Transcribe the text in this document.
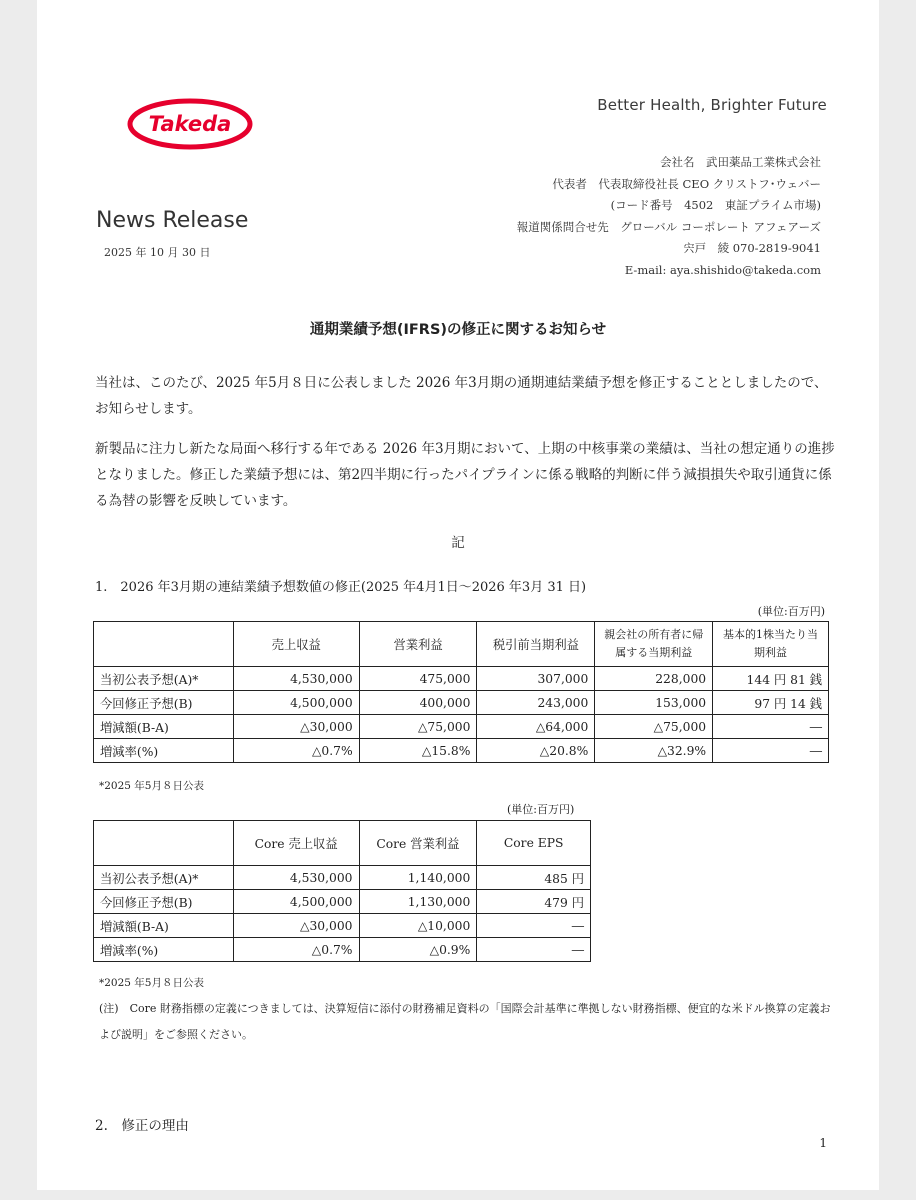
Takeda
Better Health, Brighter Future
会社名　武田薬品工業株式会社
代表者　代表取締役社長 CEO クリストフ･ウェバー
(コード番号　4502　東証プライム市場)
報道関係問合せ先　グローバル コーポレート アフェアーズ
宍戸　綾 070-2819-9041
E-mail: aya.shishido@takeda.com
News Release
2025 年 10 月 30 日
通期業績予想(IFRS)の修正に関するお知らせ
当社は、このたび、2025 年5月８日に公表しました 2026 年3月期の通期連結業績予想を修正することとしましたので、お知らせします。
新製品に注力し新たな局面へ移行する年である 2026 年3月期において、上期の中核事業の業績は、当社の想定通りの進捗となりました。修正した業績予想には、第2四半期に行ったパイプラインに係る戦略的判断に伴う減損損失や取引通貨に係る為替の影響を反映しています。
記
1.　2026 年3月期の連結業績予想数値の修正(2025 年4月1日～2026 年3月 31 日)
(単位:百万円)
	売上収益	営業利益	税引前当期利益	親会社の所有者に帰属する当期利益	基本的1株当たり当期利益
当初公表予想(A)*	4,530,000	475,000	307,000	228,000	144 円 81 銭
今回修正予想(B)	4,500,000	400,000	243,000	153,000	97 円 14 銭
増減額(B-A)	△30,000	△75,000	△64,000	△75,000	―
増減率(%)	△0.7%	△15.8%	△20.8%	△32.9%	―
*2025 年5月８日公表
(単位:百万円)
	Core 売上収益	Core 営業利益	Core EPS
当初公表予想(A)*	4,530,000	1,140,000	485 円
今回修正予想(B)	4,500,000	1,130,000	479 円
増減額(B-A)	△30,000	△10,000	―
増減率(%)	△0.7%	△0.9%	―
*2025 年5月８日公表
(注)　Core 財務指標の定義につきましては、決算短信に添付の財務補足資料の「国際会計基準に準拠しない財務指標、便宜的な米ドル換算の定義および説明」をご参照ください。
2.　修正の理由
1
